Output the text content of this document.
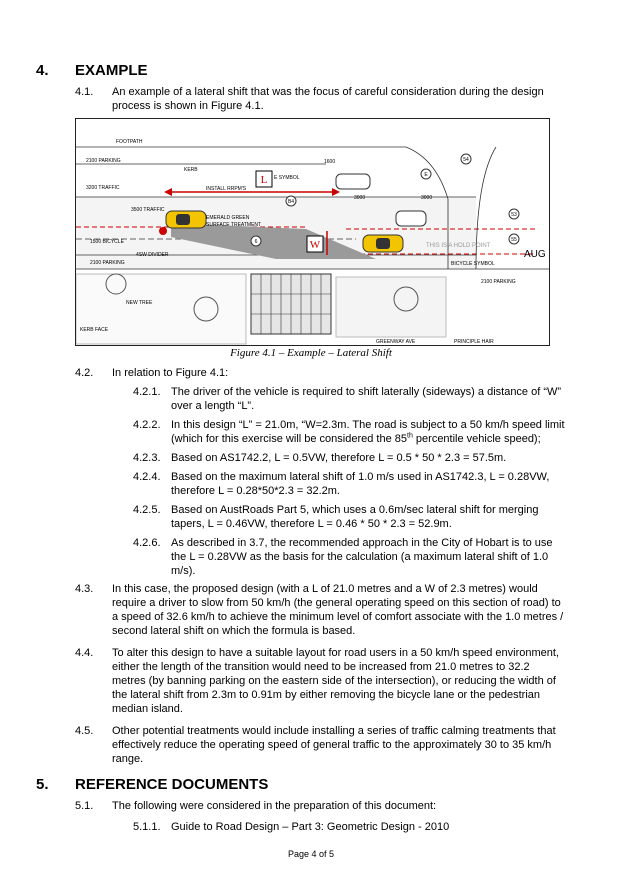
4. EXAMPLE
4.1. An example of a lateral shift that was the focus of careful consideration during the design process is shown in Figure 4.1.
L
W
FOOTPATH
2100 PARKING
KERB
3200 TRAFFIC
E SYMBOL
INSTALL RRPM'S
3500 TRAFFIC
EMERALD GREEN
SURFACE TREATMENT
1500 BICYCLE
4SW DIVIDER
2100 PARKING
THIS IS A HOLD POINT
BICYCLE SYMBOL
2100 PARKING
NEW TREE
KERB FACE
AUG
GREENWAY AVE	PRINCIPLE HAIR
1600
3000	3000
E
54
B4
53
55
6
Figure 4.1 – Example – Lateral Shift
4.2. In relation to Figure 4.1:
4.2.1. The driver of the vehicle is required to shift laterally (sideways) a distance of “W”
over a length “L”.
4.2.2. In this design “L” = 21.0m, “W=2.3m. The road is subject to a 50 km/h speed limit
(which for this exercise will be considered the 85th percentile vehicle speed);
4.2.3. Based on AS1742.2, L = 0.5VW, therefore L = 0.5 * 50 * 2.3 = 57.5m.
4.2.4. Based on the maximum lateral shift of 1.0 m/s used in AS1742.3, L = 0.28VW,
therefore L = 0.28*50*2.3 = 32.2m.
4.2.5. Based on AustRoads Part 5, which uses a 0.6m/sec lateral shift for merging
tapers, L = 0.46VW, therefore L = 0.46 * 50 * 2.3 = 52.9m.
4.2.6. As described in 3.7, the recommended approach in the City of Hobart is to use
the L = 0.28VW as the basis for the calculation (a maximum lateral shift of 1.0
m/s).
4.3. In this case, the proposed design (with a L of 21.0 metres and a W of 2.3 metres) would
require a driver to slow from 50 km/h (the general operating speed on this section of road) to
a speed of 32.6 km/h to achieve the minimum level of comfort associate with the 1.0 metres /
second lateral shift on which the formula is based.
4.4. To alter this design to have a suitable layout for road users in a 50 km/h speed environment,
either the length of the transition would need to be increased from 21.0 metres to 32.2
metres (by banning parking on the eastern side of the intersection), or reducing the width of
the lateral shift from 2.3m to 0.91m by either removing the bicycle lane or the pedestrian
median island.
4.5. Other potential treatments would include installing a series of traffic calming treatments that
effectively reduce the operating speed of general traffic to the approximately 30 to 35 km/h
range.
5. REFERENCE DOCUMENTS
5.1. The following were considered in the preparation of this document:
5.1.1. Guide to Road Design – Part 3: Geometric Design - 2010
Page 4 of 5
